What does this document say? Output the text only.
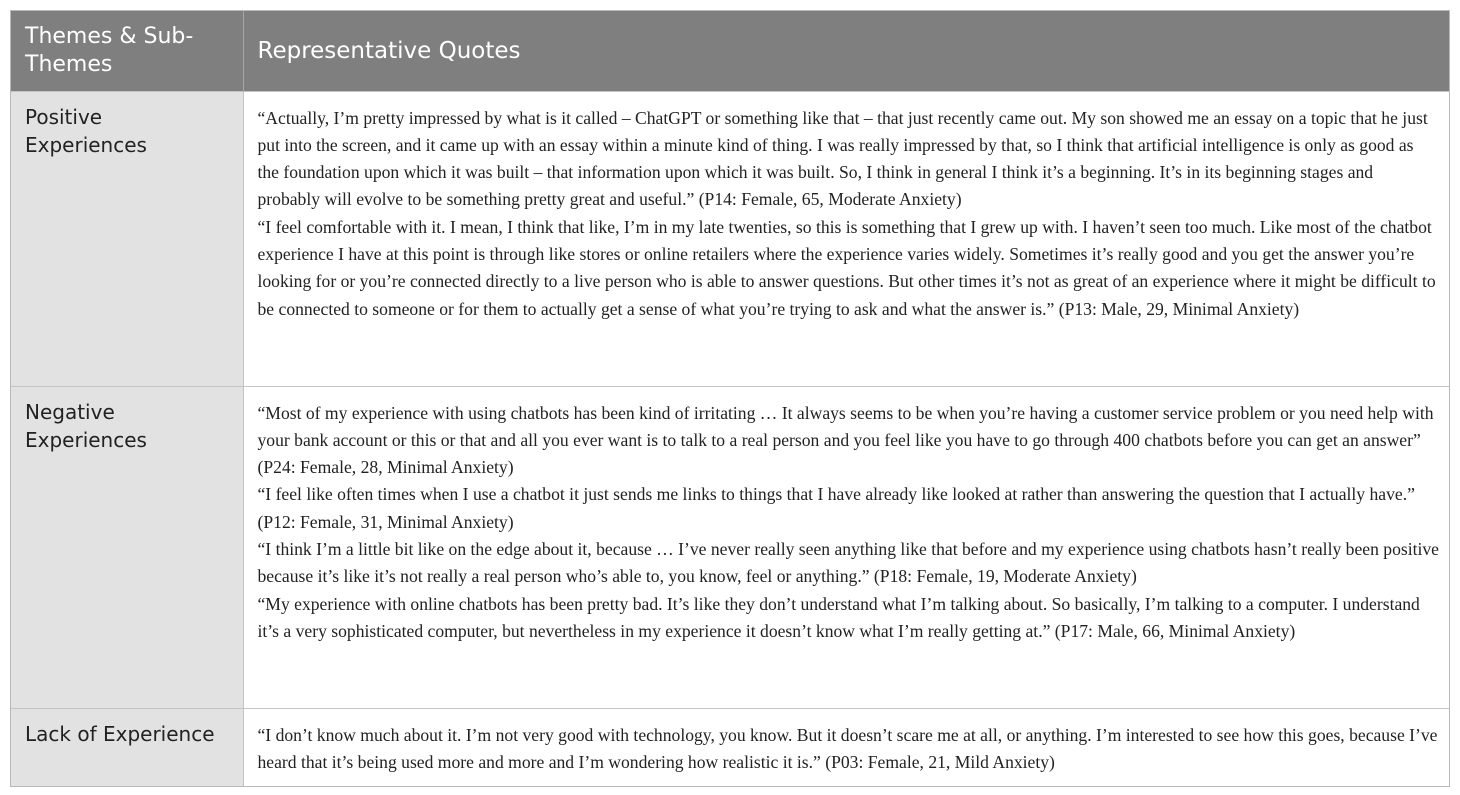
Themes & Sub-Themes	Representative Quotes
Positive Experiences	“Actually, I’m pretty impressed by what is it called – ChatGPT or something like that – that just recently came out. My son showed me an essay on a topic that he just put into the screen, and it came up with an essay within a minute kind of thing. I was really impressed by that, so I think that artificial intelligence is only as good as the foundation upon which it was built – that information upon which it was built. So, I think in general I think it’s a beginning. It’s in its beginning stages and probably will evolve to be something pretty great and useful.” (P14: Female, 65, Moderate Anxiety)

“I feel comfortable with it. I mean, I think that like, I’m in my late twenties, so this is something that I grew up with. I haven’t seen too much. Like most of the chatbot experience I have at this point is through like stores or online retailers where the experience varies widely. Sometimes it’s really good and you get the answer you’re looking for or you’re connected directly to a live person who is able to answer questions. But other times it’s not as great of an experience where it might be difficult to be connected to someone or for them to actually get a sense of what you’re trying to ask and what the answer is.” (P13: Male, 29, Minimal Anxiety)

Negative Experiences	“Most of my experience with using chatbots has been kind of irritating … It always seems to be when you’re having a customer service problem or you need help with your bank account or this or that and all you ever want is to talk to a real person and you feel like you have to go through 400 chatbots before you can get an answer” (P24: Female, 28, Minimal Anxiety)

“I feel like often times when I use a chatbot it just sends me links to things that I have already like looked at rather than answering the question that I actually have.” (P12: Female, 31, Minimal Anxiety)

“I think I’m a little bit like on the edge about it, because … I’ve never really seen anything like that before and my experience using chatbots hasn’t really been positive because it’s like it’s not really a real person who’s able to, you know, feel or anything.” (P18: Female, 19, Moderate Anxiety)

“My experience with online chatbots has been pretty bad. It’s like they don’t understand what I’m talking about. So basically, I’m talking to a computer. I understand it’s a very sophisticated computer, but nevertheless in my experience it doesn’t know what I’m really getting at.” (P17: Male, 66, Minimal Anxiety)

Lack of Experience	“I don’t know much about it. I’m not very good with technology, you know. But it doesn’t scare me at all, or anything. I’m interested to see how this goes, because I’ve heard that it’s being used more and more and I’m wondering how realistic it is.” (P03: Female, 21, Mild Anxiety)
